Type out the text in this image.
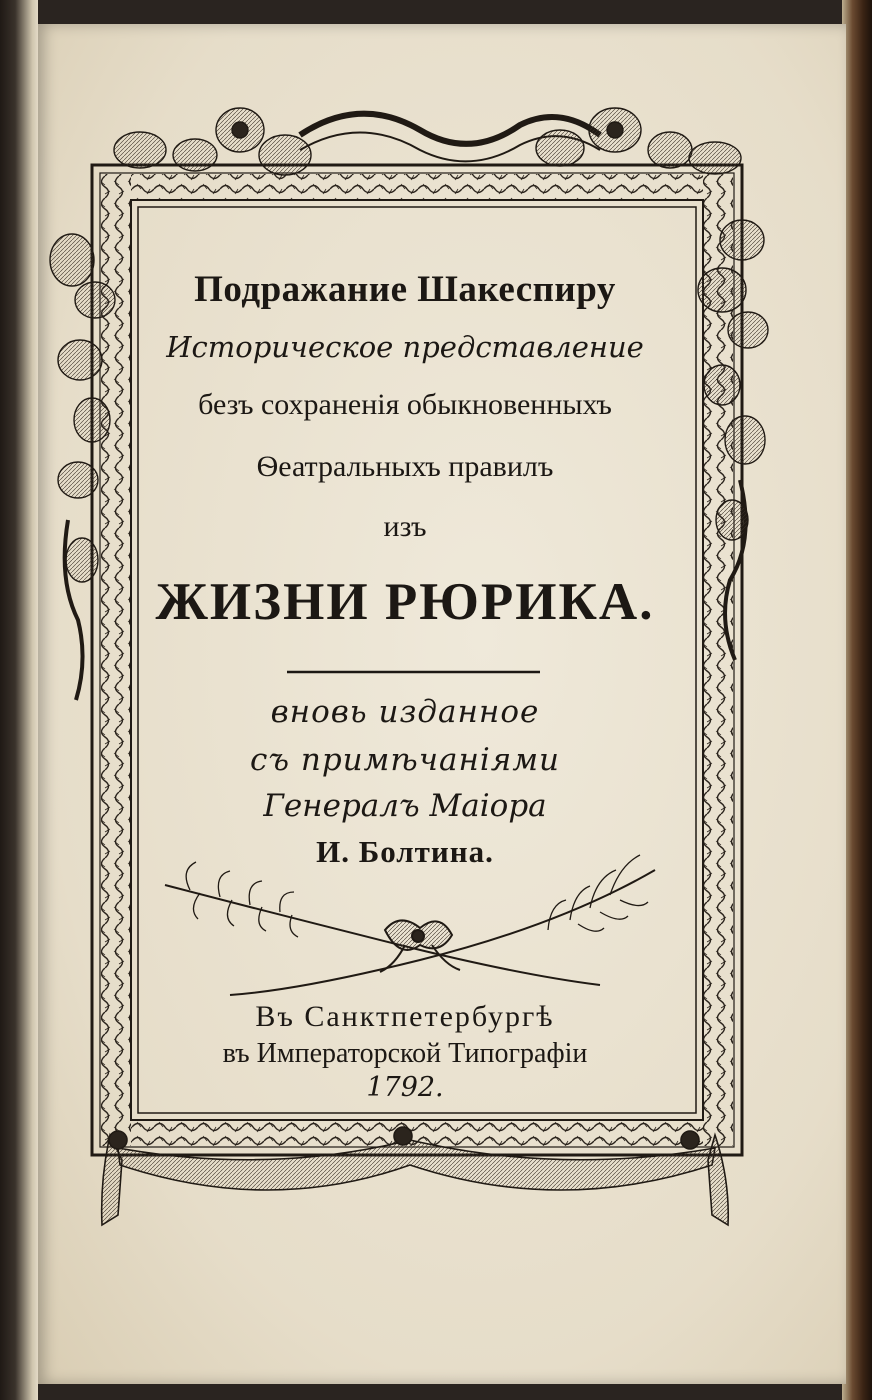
Подражание Шакеспиру
Историческое представление
безъ сохраненія обыкновенныхъ
Ѳеатральныхъ правилъ
изъ
ЖИЗНИ РЮРИКА.
вновь изданное
съ примѣчаніями
Генералъ Маіора
И. Болтина.
Въ Санктпетербургѣ
въ Императорской Типографіи
1792.
